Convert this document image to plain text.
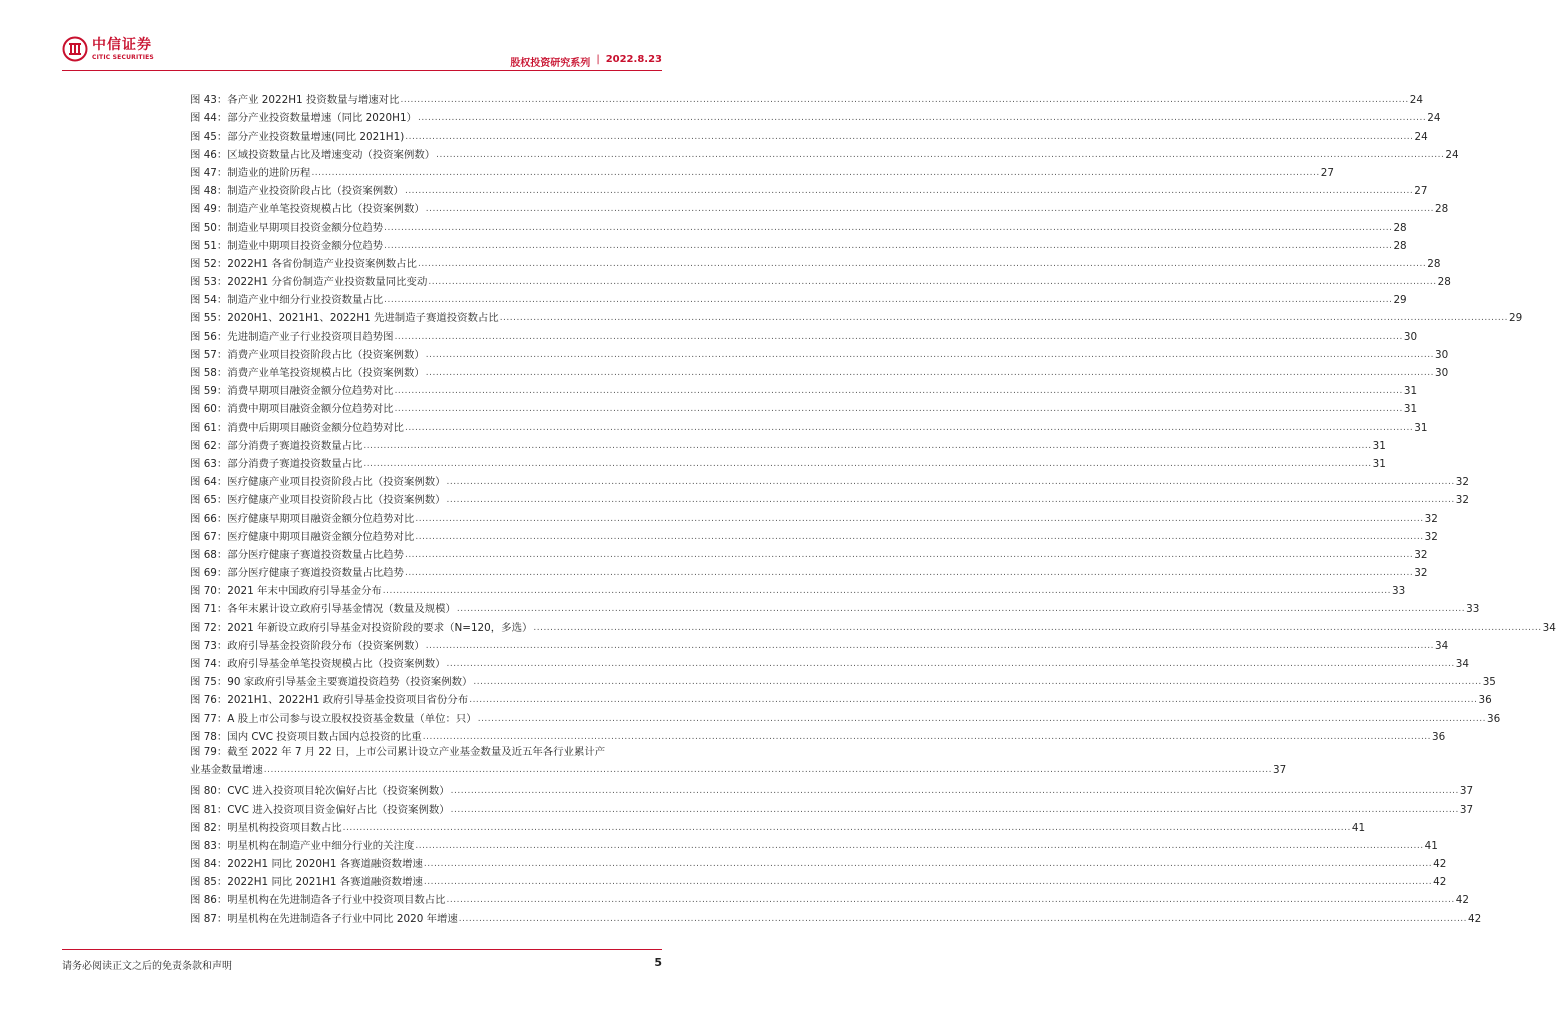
中信证券
CITIC SECURITIES
股权投资研究系列 | 2022.8.23
图 43：各产业 2022H1 投资数量与增速对比 ............................................................................................................................................................................................................................................................................................................ 24
图 44：部分产业投资数量增速（同比 2020H1） ............................................................................................................................................................................................................................................................................................................ 24
图 45：部分产业投资数量增速(同比 2021H1) ............................................................................................................................................................................................................................................................................................................ 24
图 46：区域投资数量占比及增速变动（投资案例数） ............................................................................................................................................................................................................................................................................................................ 24
图 47：制造业的进阶历程 ............................................................................................................................................................................................................................................................................................................ 27
图 48：制造产业投资阶段占比（投资案例数） ............................................................................................................................................................................................................................................................................................................ 27
图 49：制造产业单笔投资规模占比（投资案例数） ............................................................................................................................................................................................................................................................................................................ 28
图 50：制造业早期项目投资金额分位趋势 ............................................................................................................................................................................................................................................................................................................ 28
图 51：制造业中期项目投资金额分位趋势 ............................................................................................................................................................................................................................................................................................................ 28
图 52：2022H1 各省份制造产业投资案例数占比 ............................................................................................................................................................................................................................................................................................................ 28
图 53：2022H1 分省份制造产业投资数量同比变动 ............................................................................................................................................................................................................................................................................................................ 28
图 54：制造产业中细分行业投资数量占比 ............................................................................................................................................................................................................................................................................................................ 29
图 55：2020H1、2021H1、2022H1 先进制造子赛道投资数占比 ............................................................................................................................................................................................................................................................................................................ 29
图 56：先进制造产业子行业投资项目趋势图 ............................................................................................................................................................................................................................................................................................................ 30
图 57：消费产业项目投资阶段占比（投资案例数） ............................................................................................................................................................................................................................................................................................................ 30
图 58：消费产业单笔投资规模占比（投资案例数） ............................................................................................................................................................................................................................................................................................................ 30
图 59：消费早期项目融资金额分位趋势对比 ............................................................................................................................................................................................................................................................................................................ 31
图 60：消费中期项目融资金额分位趋势对比 ............................................................................................................................................................................................................................................................................................................ 31
图 61：消费中后期项目融资金额分位趋势对比 ............................................................................................................................................................................................................................................................................................................ 31
图 62：部分消费子赛道投资数量占比 ............................................................................................................................................................................................................................................................................................................ 31
图 63：部分消费子赛道投资数量占比 ............................................................................................................................................................................................................................................................................................................ 31
图 64：医疗健康产业项目投资阶段占比（投资案例数） ............................................................................................................................................................................................................................................................................................................ 32
图 65：医疗健康产业项目投资阶段占比（投资案例数） ............................................................................................................................................................................................................................................................................................................ 32
图 66：医疗健康早期项目融资金额分位趋势对比 ............................................................................................................................................................................................................................................................................................................ 32
图 67：医疗健康中期项目融资金额分位趋势对比 ............................................................................................................................................................................................................................................................................................................ 32
图 68：部分医疗健康子赛道投资数量占比趋势 ............................................................................................................................................................................................................................................................................................................ 32
图 69：部分医疗健康子赛道投资数量占比趋势 ............................................................................................................................................................................................................................................................................................................ 32
图 70：2021 年末中国政府引导基金分布 ............................................................................................................................................................................................................................................................................................................ 33
图 71：各年末累计设立政府引导基金情况（数量及规模） ............................................................................................................................................................................................................................................................................................................ 33
图 72：2021 年新设立政府引导基金对投资阶段的要求（N=120，多选） ............................................................................................................................................................................................................................................................................................................ 34
图 73：政府引导基金投资阶段分布（投资案例数） ............................................................................................................................................................................................................................................................................................................ 34
图 74：政府引导基金单笔投资规模占比（投资案例数） ............................................................................................................................................................................................................................................................................................................ 34
图 75：90 家政府引导基金主要赛道投资趋势（投资案例数） ............................................................................................................................................................................................................................................................................................................ 35
图 76：2021H1、2022H1 政府引导基金投资项目省份分布 ............................................................................................................................................................................................................................................................................................................ 36
图 77：A 股上市公司参与设立股权投资基金数量（单位：只） ............................................................................................................................................................................................................................................................................................................ 36
图 78：国内 CVC 投资项目数占国内总投资的比重 ............................................................................................................................................................................................................................................................................................................ 36
图 79：截至 2022 年 7 月 22 日，上市公司累计设立产业基金数量及近五年各行业累计产
业基金数量增速 ............................................................................................................................................................................................................................................................................................................ 37
图 80：CVC 进入投资项目轮次偏好占比（投资案例数） ............................................................................................................................................................................................................................................................................................................ 37
图 81：CVC 进入投资项目资金偏好占比（投资案例数） ............................................................................................................................................................................................................................................................................................................ 37
图 82：明星机构投资项目数占比 ............................................................................................................................................................................................................................................................................................................ 41
图 83：明星机构在制造产业中细分行业的关注度 ............................................................................................................................................................................................................................................................................................................ 41
图 84：2022H1 同比 2020H1 各赛道融资数增速 ............................................................................................................................................................................................................................................................................................................ 42
图 85：2022H1 同比 2021H1 各赛道融资数增速 ............................................................................................................................................................................................................................................................................................................ 42
图 86：明星机构在先进制造各子行业中投资项目数占比 ............................................................................................................................................................................................................................................................................................................ 42
图 87：明星机构在先进制造各子行业中同比 2020 年增速 ............................................................................................................................................................................................................................................................................................................ 42
请务必阅读正文之后的免责条款和声明	5
